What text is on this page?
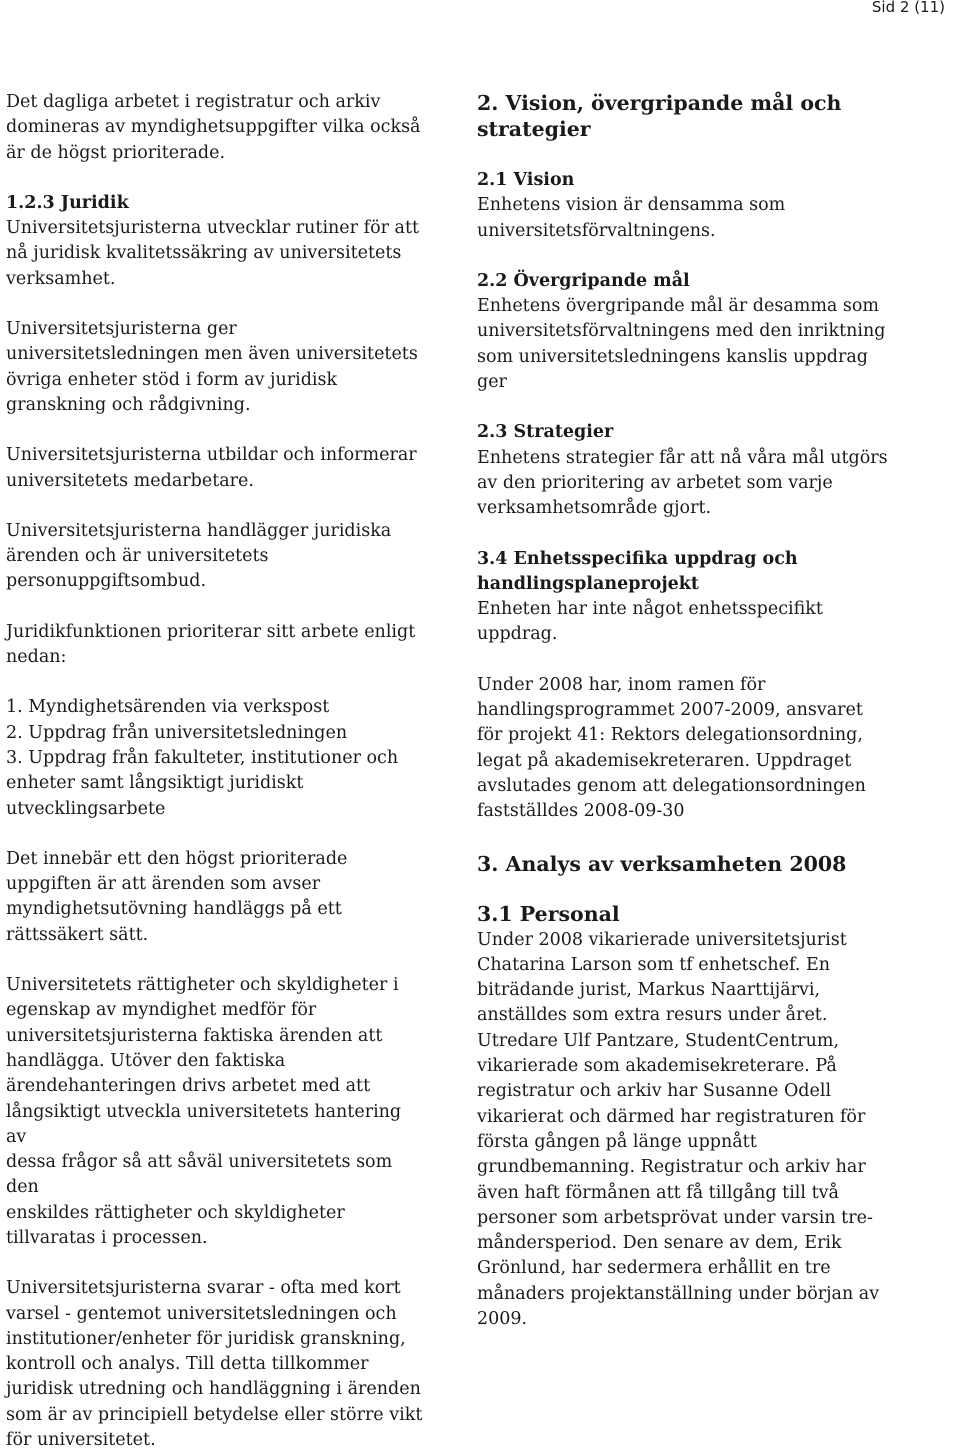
Sid 2 (11)

Det dagliga arbetet i registratur och arkiv
domineras av myndighetsuppgifter vilka också
är de högst prioriterade.

1.2.3 Juridik

Universitetsjuristerna utvecklar rutiner för att
nå juridisk kvalitetssäkring av universitetets
verksamhet.

Universitetsjuristerna ger
universitetsledningen men även universitetets
övriga enheter stöd i form av juridisk
granskning och rådgivning.

Universitetsjuristerna utbildar och informerar
universitetets medarbetare.

Universitetsjuristerna handlägger juridiska
ärenden och är universitetets
personuppgiftsombud.

Juridikfunktionen prioriterar sitt arbete enligt
nedan:

1. Myndighetsärenden via verkspost
2. Uppdrag från universitetsledningen
3. Uppdrag från fakulteter, institutioner och
enheter samt långsiktigt juridiskt
utvecklingsarbete

Det innebär ett den högst prioriterade
uppgiften är att ärenden som avser
myndighetsutövning handläggs på ett
rättssäkert sätt.

Universitetets rättigheter och skyldigheter i
egenskap av myndighet medför för
universitetsjuristerna faktiska ärenden att
handlägga. Utöver den faktiska
ärendehanteringen drivs arbetet med att
långsiktigt utveckla universitetets hantering av
dessa frågor så att såväl universitetets som den
enskildes rättigheter och skyldigheter
tillvaratas i processen.

Universitetsjuristerna svarar - ofta med kort
varsel - gentemot universitetsledningen och
institutioner/enheter för juridisk granskning,
kontroll och analys. Till detta tillkommer
juridisk utredning och handläggning i ärenden
som är av principiell betydelse eller större vikt
för universitetet.

2. Vision, övergripande mål och
strategier
2.1 Vision

Enhetens vision är densamma som
universitetsförvaltningens.

2.2 Övergripande mål

Enhetens övergripande mål är desamma som
universitetsförvaltningens med den inriktning
som universitetsledningens kanslis uppdrag
ger

2.3 Strategier

Enhetens strategier får att nå våra mål utgörs
av den prioritering av arbetet som varje
verksamhetsområde gjort.

3.4 Enhetsspecifika uppdrag och
handlingsplaneprojekt

Enheten har inte något enhetsspecifikt
uppdrag.

Under 2008 har, inom ramen för
handlingsprogrammet 2007-2009, ansvaret
för projekt 41: Rektors delegationsordning,
legat på akademisekreteraren. Uppdraget
avslutades genom att delegationsordningen
fastställdes 2008-09-30

3. Analys av verksamheten 2008
3.1 Personal

Under 2008 vikarierade universitetsjurist
Chatarina Larson som tf enhetschef. En
biträdande jurist, Markus Naarttijärvi,
anställdes som extra resurs under året.
Utredare Ulf Pantzare, StudentCentrum,
vikarierade som akademisekreterare. På
registratur och arkiv har Susanne Odell
vikarierat och därmed har registraturen för
första gången på länge uppnått
grundbemanning. Registratur och arkiv har
även haft förmånen att få tillgång till två
personer som arbetsprövat under varsin tre-
måndersperiod. Den senare av dem, Erik
Grönlund, har sedermera erhållit en tre
månaders projektanställning under början av
2009.
